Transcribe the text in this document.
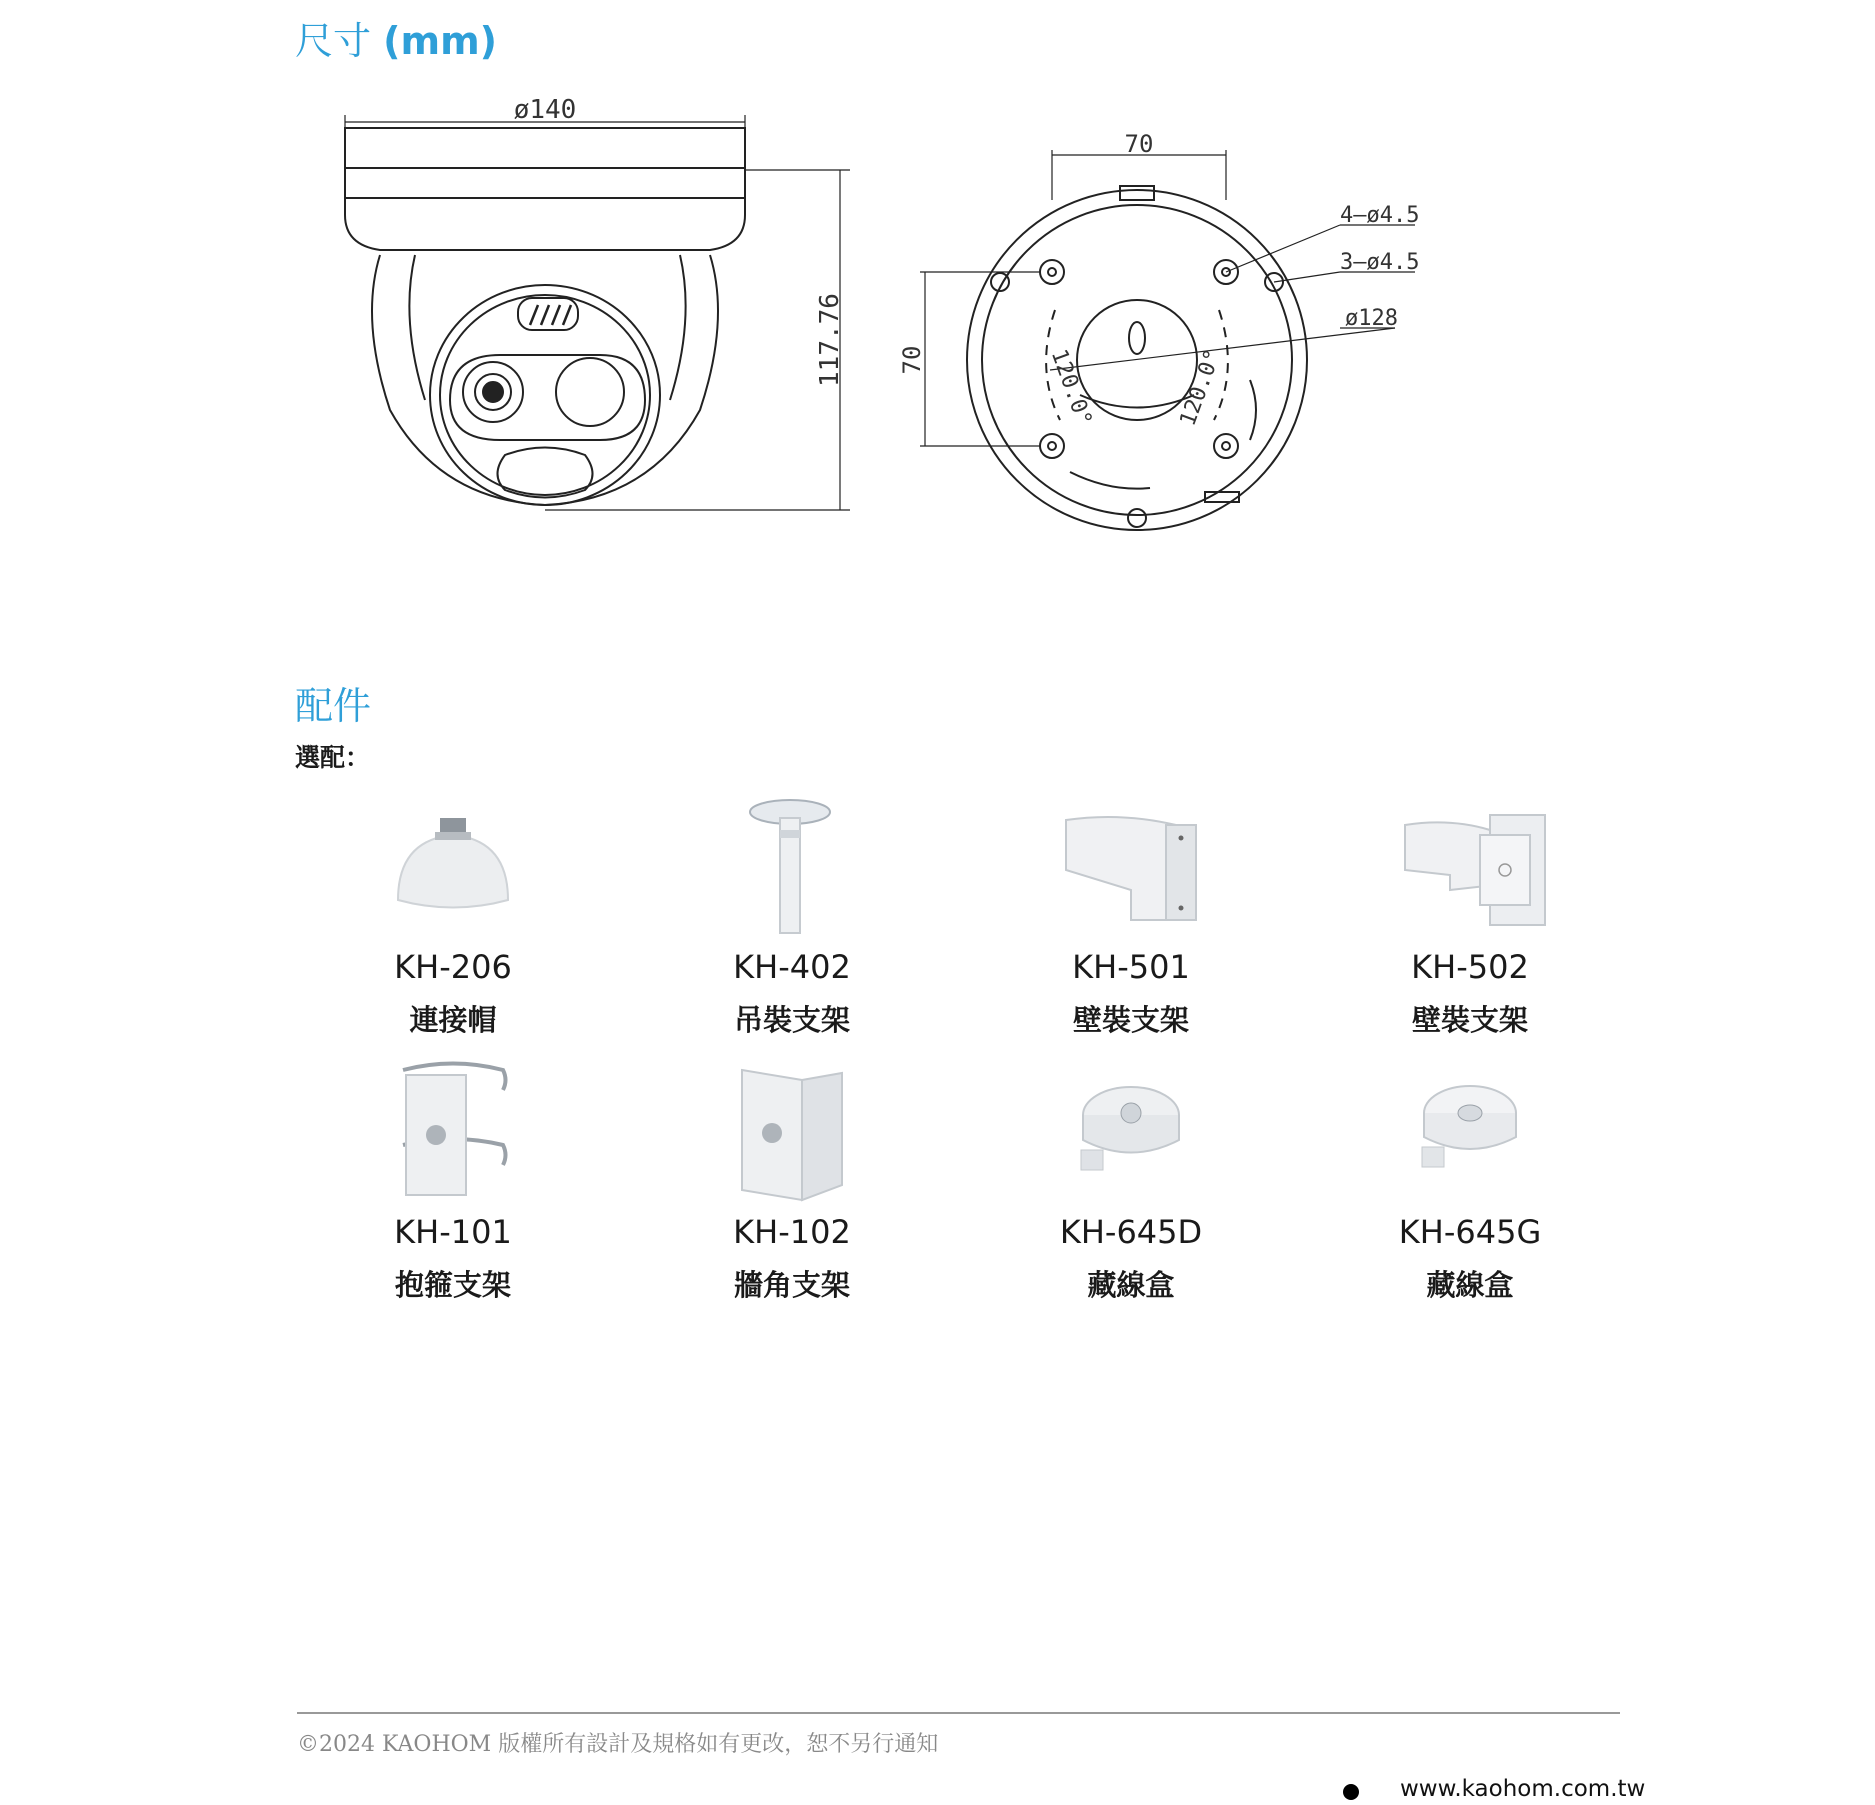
尺寸 (mm)
ø140
117.76
70
70
4–ø4.5
3–ø4.5
ø128
120.0°	120.0°
配件

選配：

KH-206
連接帽
KH-402
吊裝支架
KH-501
壁裝支架
KH-502
壁裝支架
KH-101
抱箍支架
KH-102
牆角支架
KH-645D
藏線盒
KH-645G
藏線盒

©2024 KAOHOM 版權所有設計及規格如有更改，恕不另行通知

www.kaohom.com.tw
